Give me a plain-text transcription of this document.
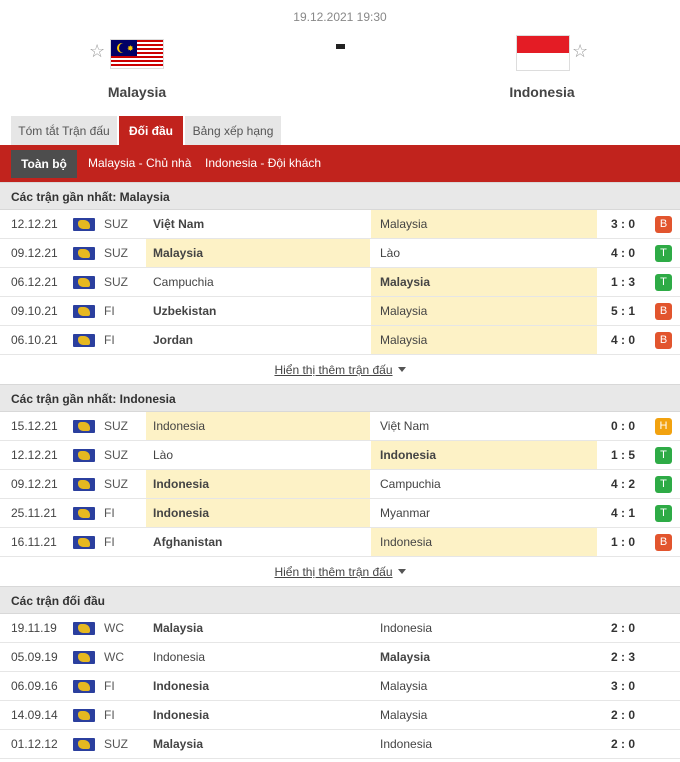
19.12.2021 19:30
☆	✸
Malaysia
☆
Indonesia
Tóm tắt Trận đấu	Đối đầu	Bảng xếp hạng
Toàn bộ	Malaysia - Chủ nhà Indonesia - Đội khách
Các trận gần nhất: Malaysia
12.12.21	SUZ	Việt Nam	Malaysia	3 : 0	B
09.12.21	SUZ	Malaysia	Lào	4 : 0	T
06.12.21	SUZ	Campuchia	Malaysia	1 : 3	T
09.10.21	FI	Uzbekistan	Malaysia	5 : 1	B
06.10.21	FI	Jordan	Malaysia	4 : 0	B
Hiển thị thêm trận đấu
Các trận gần nhất: Indonesia
15.12.21	SUZ	Indonesia	Việt Nam	0 : 0	H
12.12.21	SUZ	Lào	Indonesia	1 : 5	T
09.12.21	SUZ	Indonesia	Campuchia	4 : 2	T
25.11.21	FI	Indonesia	Myanmar	4 : 1	T
16.11.21	FI	Afghanistan	Indonesia	1 : 0	B
Hiển thị thêm trận đấu
Các trận đối đầu
19.11.19	WC	Malaysia	Indonesia	2 : 0
05.09.19	WC	Indonesia	Malaysia	2 : 3
06.09.16	FI	Indonesia	Malaysia	3 : 0
14.09.14	FI	Indonesia	Malaysia	2 : 0
01.12.12	SUZ	Malaysia	Indonesia	2 : 0
